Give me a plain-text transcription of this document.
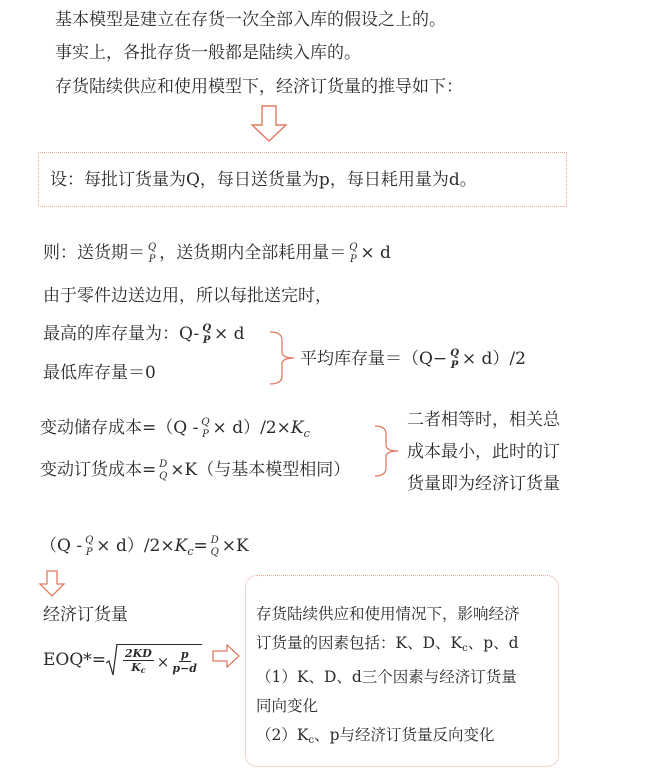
基本模型是建立在存货一次全部入库的假设之上的。
事实上，各批存货一般都是陆续入库的。
存货陆续供应和使用模型下，经济订货量的推导如下：
设：每批订货量为Q，每日送货量为p，每日耗用量为d。
则：送货期＝ Q
P ，送货期内全部耗用量＝ Q
P × d
由于零件边送边用，所以每批送完时，
最高的库存量为：Q- Q
P × d
最低库存量＝0
平均库存量＝（Q− Q
P × d）/2
变动储存成本=（Q - Q
$P \times d)/2\times K_c$
变动订货成本= D
Q ×K（与基本模型相同）
二者相等时，相关总
成本最小，此时的订
货量即为经济订货量
（Q - Q
$P \times d)/2\times K_c= D$
Q ×K
经济订货量
$EOQ*= \frac{2KD}{Kc} \times \frac{p}{p-d}$
存货陆续供应和使用情况下，影响经济
订货量的因素包括：K、D、$K_c$、p、d
（1）K、D、d三个因素与经济订货量
同向变化
$(2)K_c$、p与经济订货量反向变化
